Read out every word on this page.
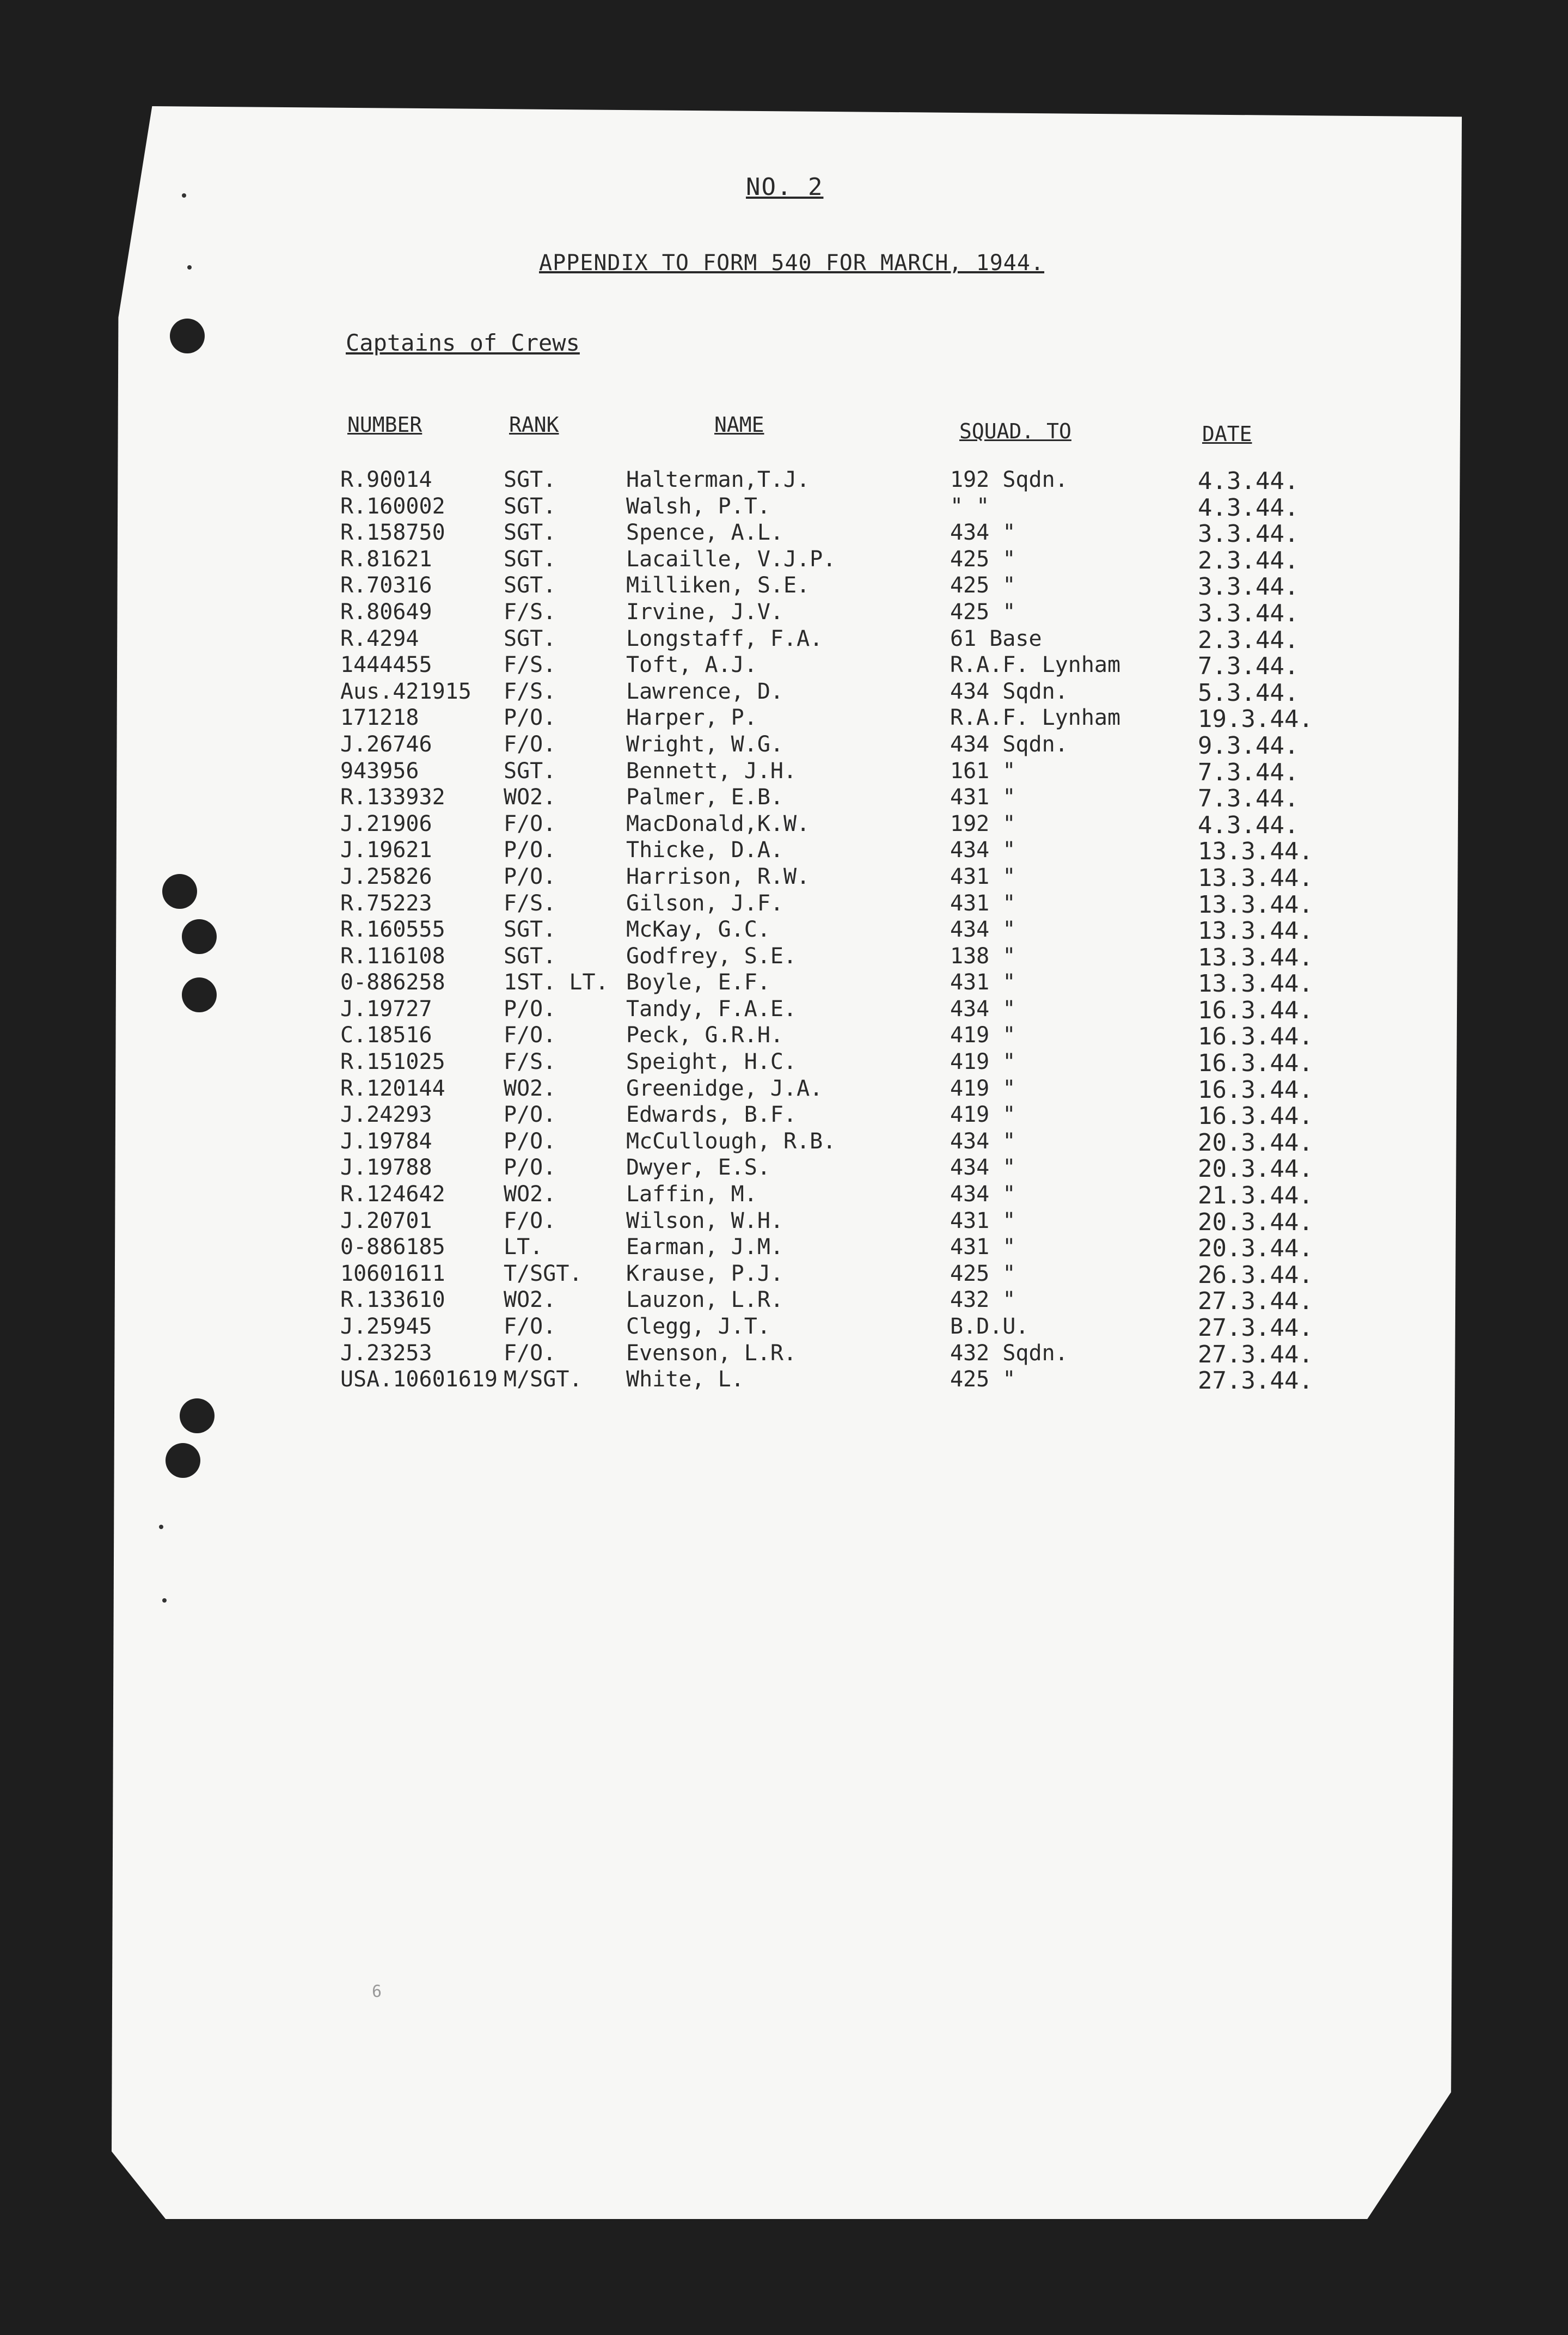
NO. 2
APPENDIX TO FORM 540 FOR MARCH, 1944.
Captains of Crews
NUMBER	RANK	NAME	SQUAD. TO	DATE
R.90014	SGT.	Halterman,T.J.	192 Sqdn.	4.3.44.
R.160002	SGT.	Walsh, P.T.	" "	4.3.44.
R.158750	SGT.	Spence, A.L.	434 "	3.3.44.
R.81621	SGT.	Lacaille, V.J.P.	425 "	2.3.44.
R.70316	SGT.	Milliken, S.E.	425 "	3.3.44.
R.80649	F/S.	Irvine, J.V.	425 "	3.3.44.
R.4294	SGT.	Longstaff, F.A.	61 Base	2.3.44.
1444455	F/S.	Toft, A.J.	R.A.F. Lynham	7.3.44.
Aus.421915 F/S.	Lawrence, D.	434 Sqdn.	5.3.44.
171218	P/O.	Harper, P.	R.A.F. Lynham	19.3.44.
J.26746	F/O.	Wright, W.G.	434 Sqdn.	9.3.44.
943956	SGT.	Bennett, J.H.	161 "	7.3.44.
R.133932	WO2.	Palmer, E.B.	431 "	7.3.44.
J.21906	F/O.	MacDonald,K.W.	192 "	4.3.44.
J.19621	P/O.	Thicke, D.A.	434 "	13.3.44.
J.25826	P/O.	Harrison, R.W.	431 "	13.3.44.
R.75223	F/S.	Gilson, J.F.	431 "	13.3.44.
R.160555	SGT.	McKay, G.C.	434 "	13.3.44.
R.116108	SGT.	Godfrey, S.E.	138 "	13.3.44.
0-886258	1ST. LT. Boyle, E.F.	431 "	13.3.44.
J.19727	P/O.	Tandy, F.A.E.	434 "	16.3.44.
C.18516	F/O.	Peck, G.R.H.	419 "	16.3.44.
R.151025	F/S.	Speight, H.C.	419 "	16.3.44.
R.120144	WO2.	Greenidge, J.A.	419 "	16.3.44.
J.24293	P/O.	Edwards, B.F.	419 "	16.3.44.
J.19784	P/O.	McCullough, R.B.	434 "	20.3.44.
J.19788	P/O.	Dwyer, E.S.	434 "	20.3.44.
R.124642	WO2.	Laffin, M.	434 "	21.3.44.
J.20701	F/O.	Wilson, W.H.	431 "	20.3.44.
0-886185	LT.	Earman, J.M.	431 "	20.3.44.
10601611	T/SGT. Krause, P.J.	425 "	26.3.44.
R.133610	WO2.	Lauzon, L.R.	432 "	27.3.44.
J.25945	F/O.	Clegg, J.T.	B.D.U.	27.3.44.
J.23253	F/O.	Evenson, L.R.	432 Sqdn.	27.3.44.
USA.10601619 M/SGT. White, L.	425 "	27.3.44.
6
